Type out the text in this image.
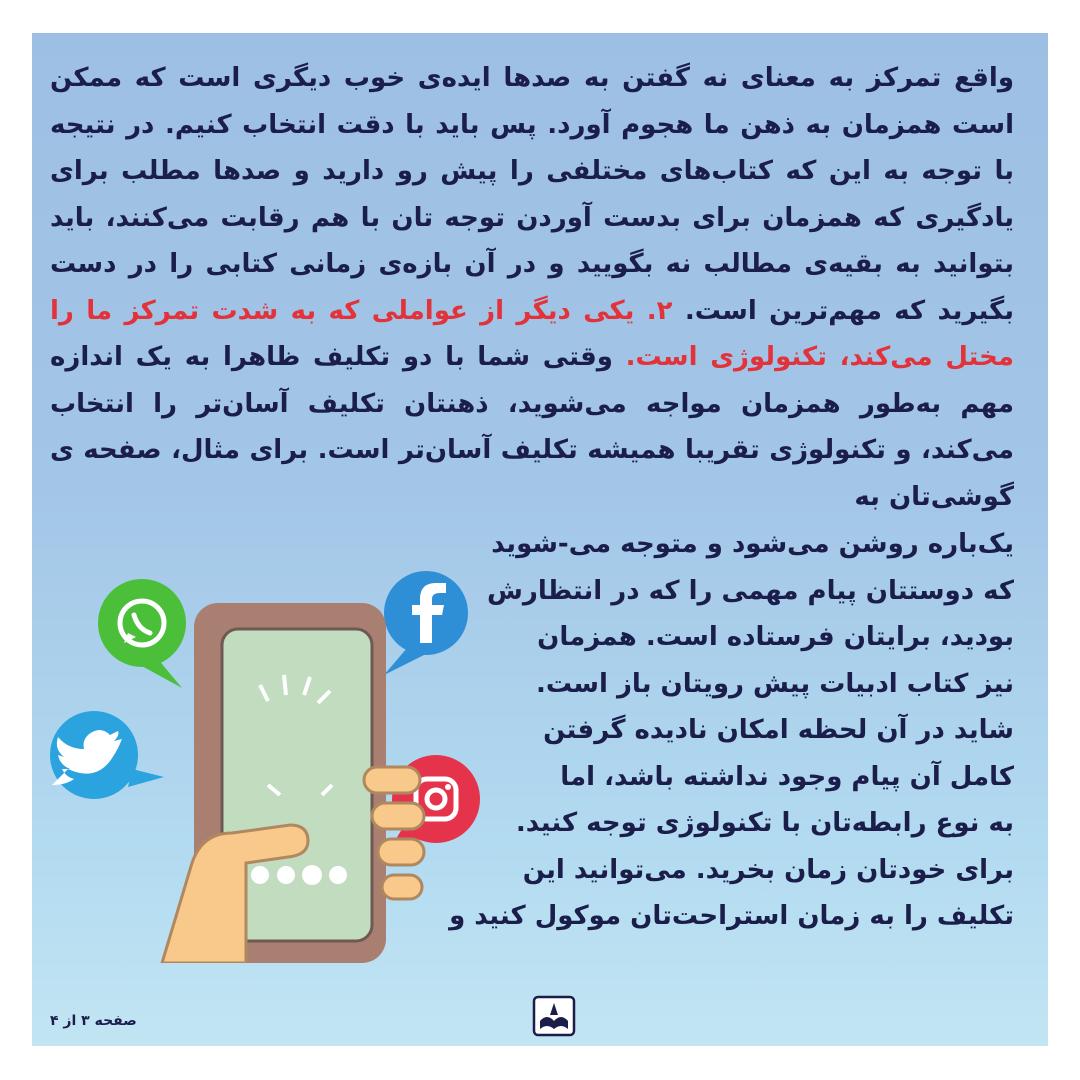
واقع تمرکز به معنای نه گفتن به صدها ایده‌ی خوب دیگری است که ممکن است همزمان به ذهن ما هجوم آورد. پس باید با دقت انتخاب کنیم. در نتیجه با توجه به این که کتاب‌های مختلفی را پیش رو دارید و صدها مطلب برای یادگیری که همزمان برای بدست آوردن توجه تان با هم رقابت می‌کنند، باید بتوانید به بقیه‌ی مطالب نه بگویید و در آن بازه‌ی زمانی کتابی را در دست بگیرید که مهم‌ترین است. ۲. یکی دیگر از عواملی که به شدت تمرکز ما را مختل می‌کند، تکنولوژی است. وقتی شما با دو تکلیف ظاهرا به یک اندازه مهم به‌طور همزمان مواجه می‌شوید، ذهنتان تکلیف آسان‌تر را انتخاب می‌کند، و تکنولوژی تقریبا همیشه تکلیف آسان‌تر است. برای مثال، صفحه ی گوشی‌تان به

یک‌باره روشن می‌شود و متوجه می-شوید
که دوستتان پیام مهمی را که در انتظارش
بودید، برایتان فرستاده است. همزمان
نیز کتاب ادبیات پیش رویتان باز است.
شاید در آن لحظه امکان نادیده گرفتن
کامل آن پیام وجود نداشته باشد، اما
به نوع رابطه‌تان با تکنولوژی توجه کنید.
برای خودتان زمان بخرید. می‌توانید این
تکلیف را به زمان استراحت‌تان موکول کنید و
صفحه ۳ از ۴
